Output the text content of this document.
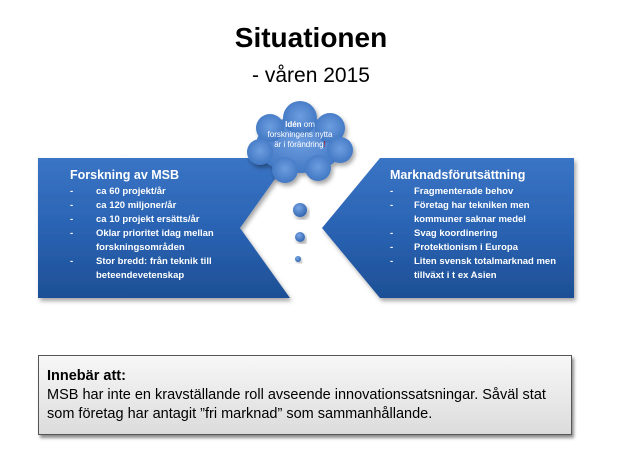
Situationen
- våren 2015
Idén om forskningens nytta är i förändring!
Forskning av MSB
- ca 60 projekt/år
- ca 120 miljoner/år
- ca 10 projekt ersätts/år
- Oklar prioritet idag mellan forskningsområden
- Stor bredd: från teknik till beteendevetenskap
Marknadsförutsättning
- Fragmenterade behov
- Företag har tekniken men kommuner saknar medel
- Svag koordinering
- Protektionism i Europa
- Liten svensk totalmarknad men tillväxt i t ex Asien
Innebär att:
MSB har inte en kravställande roll avseende innovationssatsningar. Såväl stat som företag har antagit ”fri marknad” som sammanhållande.
